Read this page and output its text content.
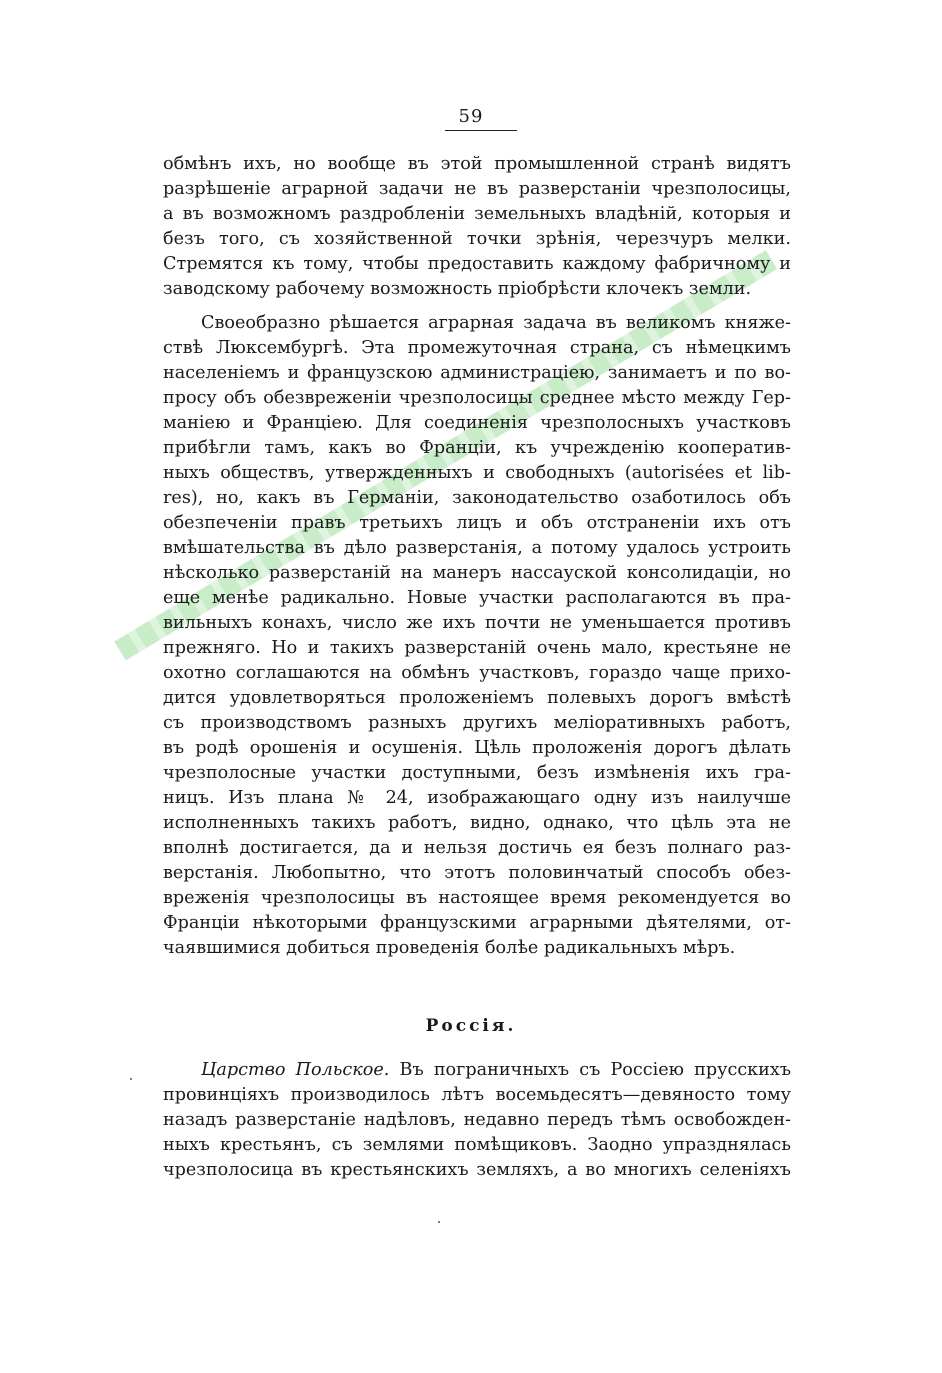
59
обмѣнъ ихъ, но вообще въ этой промышленной странѣ видятъ
разрѣшеніе аграрной задачи не въ разверстаніи чрезполосицы,
а въ возможномъ раздробленіи земельныхъ владѣній, которыя и
безъ того, съ хозяйственной точки зрѣнія, черезчуръ мелки.
Стремятся къ тому, чтобы предоставить каждому фабричному и
заводскому рабочему возможность пріобрѣсти клочекъ земли.
Своеобразно рѣшается аграрная задача въ великомъ княже-
ствѣ Люксембургѣ. Эта промежуточная страна, съ нѣмецкимъ
населеніемъ и французскою администраціею, занимаетъ и по во-
просу объ обезвреженіи чрезполосицы среднее мѣсто между Гер-
маніею и Франціею. Для соединенія чрезполосныхъ участковъ
прибѣгли тамъ, какъ во Франціи, къ учрежденію кооператив-
ныхъ обществъ, утвержденныхъ и свободныхъ (autorisées et lib-
res), но, какъ въ Германіи, законодательство озаботилось объ
обезпеченіи правъ третьихъ лицъ и объ отстраненіи ихъ отъ
вмѣшательства въ дѣло разверстанія, а потому удалось устроить
нѣсколько разверстаній на манеръ нассауской консолидаціи, но
еще менѣе радикально. Новые участки располагаются въ пра-
вильныхъ конахъ, число же ихъ почти не уменьшается противъ
прежняго. Но и такихъ разверстаній очень мало, крестьяне не
охотно соглашаются на обмѣнъ участковъ, гораздо чаще прихо-
дится удовлетворяться проложеніемъ полевыхъ дорогъ вмѣстѣ
съ производствомъ разныхъ другихъ меліоративныхъ работъ,
въ родѣ орошенія и осушенія. Цѣль проложенія дорогъ дѣлать
чрезполосные участки доступными, безъ измѣненія ихъ гра-
ницъ. Изъ плана № 24, изображающаго одну изъ наилучше
исполненныхъ такихъ работъ, видно, однако, что цѣль эта не
вполнѣ достигается, да и нельзя достичь ея безъ полнаго раз-
верстанія. Любопытно, что этотъ половинчатый способъ обез-
вреженія чрезполосицы въ настоящее время рекомендуется во
Франціи нѣкоторыми французскими аграрными дѣятелями, от-
чаявшимися добиться проведенія болѣе радикальныхъ мѣръ.
Россія.
Царство Польское. Въ пограничныхъ съ Россіею прусскихъ
провинціяхъ производилось лѣтъ восемьдесятъ—девяносто тому
назадъ разверстаніе надѣловъ, недавно передъ тѣмъ освобожден-
ныхъ крестьянъ, съ землями помѣщиковъ. Заодно упразднялась
чрезполосица въ крестьянскихъ земляхъ, а во многихъ селеніяхъ
